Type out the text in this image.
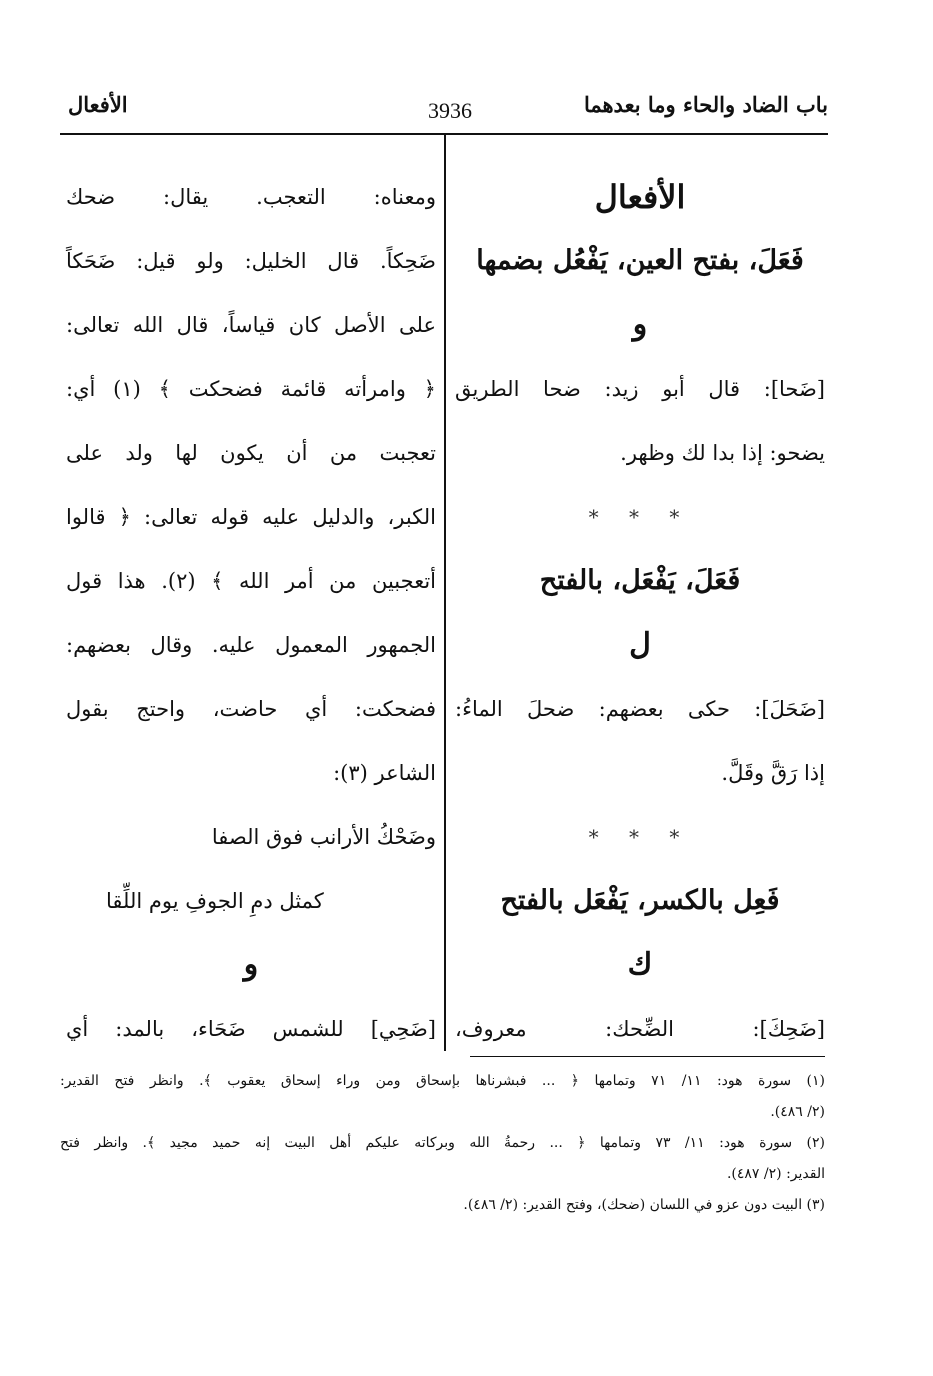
باب الضاد والحاء وما بعدهما
3936
الأفعال
الأفعال
فَعَلَ، بفتح العين، يَفْعُل بضمها
و
[ضَحا]: قال أبو زيد: ضحا الطريق
يضحو: إذا بدا لك وظهر.
* * *
فَعَلَ، يَفْعَل، بالفتح
ل
[ضَحَلَ]: حكى بعضهم: ضحلَ الماءُ:
إذا رَقَّ وقَلَّ.
* * *
فَعِل بالكسر، يَفْعَل بالفتح
ك
[ضَحِكَ]: الضِّحك: معروف،
ومعناه: التعجب. يقال: ضحك
ضَحِكاً. قال الخليل: ولو قيل: ضَحَكاً
على الأصل كان قياساً، قال الله تعالى:
﴿ وامرأته قائمة فضحكت ﴾ (١) أي:
تعجبت من أن يكون لها ولد على
الكبر، والدليل عليه قوله تعالى: ﴿ قالوا
أتعجبين من أمر الله ﴾ (٢). هذا قول
الجمهور المعمول عليه. وقال بعضهم:
فضحكت: أي حاضت، واحتج بقول
الشاعر (٣):
وضَحْكُ الأرانب فوق الصفا
كمثل دمِ الجوفِ يوم اللِّقا
و
[ضَحِي] للشمس ضَحَاء، بالمد: أي
(١) سورة هود: ١١/ ٧١ وتمامها ﴿ ... فبشرناها بإسحاق ومن وراء إسحاق يعقوب ﴾. وانظر فتح القدير:
(٢/ ٤٨٦).
(٢) سورة هود: ١١/ ٧٣ وتمامها ﴿ ... رحمةُ الله وبركاته عليكم أهل البيت إنه حميد مجيد ﴾. وانظر فتح
القدير: (٢/ ٤٨٧).
(٣) البيت دون عزو في اللسان (ضحك)، وفتح القدير: (٢/ ٤٨٦).
